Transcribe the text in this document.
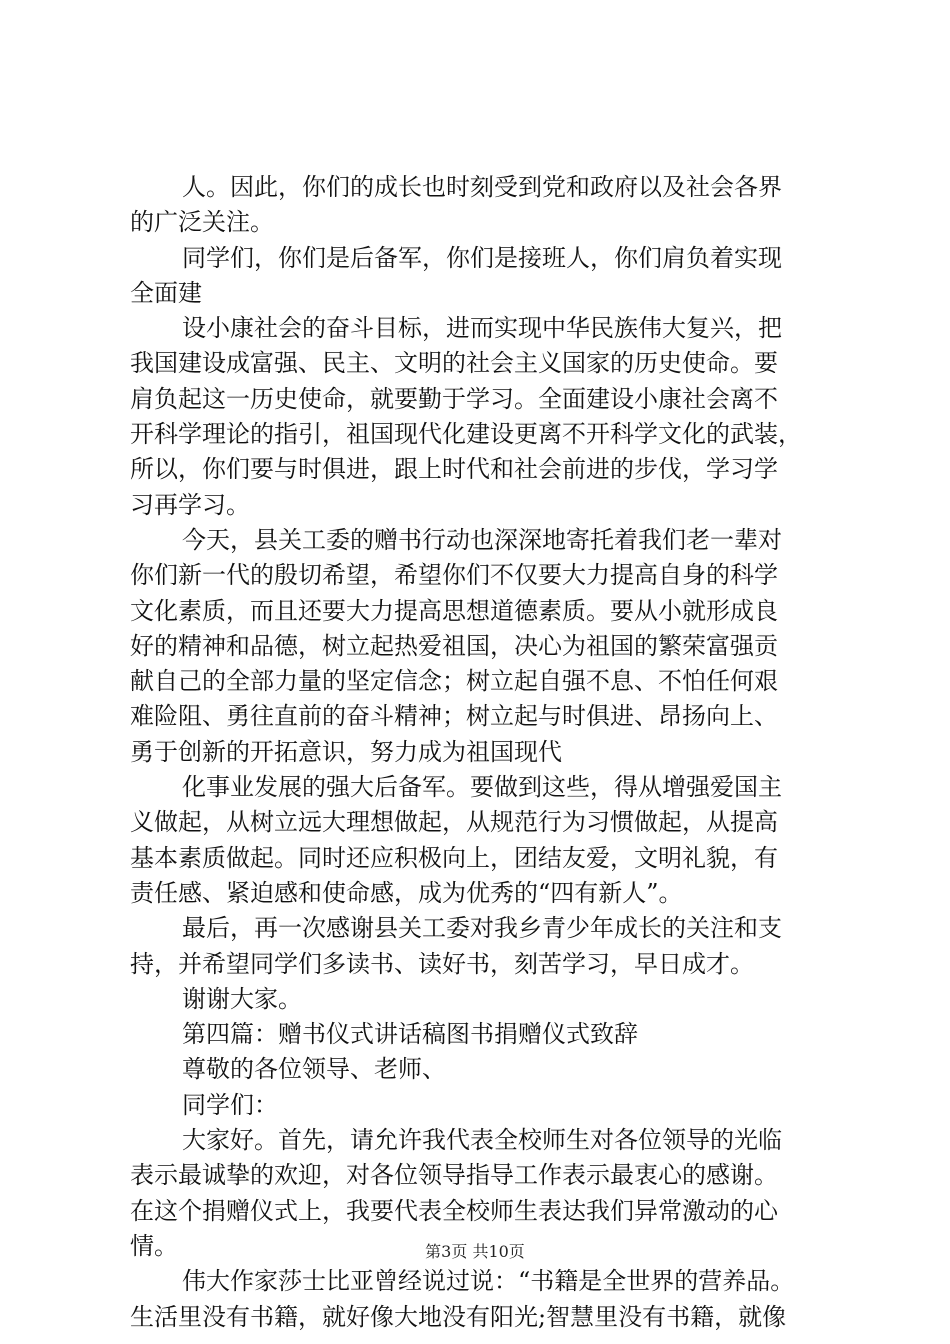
人。因此，你们的成长也时刻受到党和政府以及社会各界
的广泛关注。
同学们，你们是后备军，你们是接班人，你们肩负着实现
全面建
设小康社会的奋斗目标，进而实现中华民族伟大复兴，把
我国建设成富强、民主、文明的社会主义国家的历史使命。要
肩负起这一历史使命，就要勤于学习。全面建设小康社会离不
开科学理论的指引，祖国现代化建设更离不开科学文化的武装，
所以，你们要与时俱进，跟上时代和社会前进的步伐，学习学
习再学习。
今天，县关工委的赠书行动也深深地寄托着我们老一辈对
你们新一代的殷切希望，希望你们不仅要大力提高自身的科学
文化素质，而且还要大力提高思想道德素质。要从小就形成良
好的精神和品德，树立起热爱祖国，决心为祖国的繁荣富强贡
献自己的全部力量的坚定信念；树立起自强不息、不怕任何艰
难险阻、勇往直前的奋斗精神；树立起与时俱进、昂扬向上、
勇于创新的开拓意识，努力成为祖国现代
化事业发展的强大后备军。要做到这些，得从增强爱国主
义做起，从树立远大理想做起，从规范行为习惯做起，从提高
基本素质做起。同时还应积极向上，团结友爱，文明礼貌，有
责任感、紧迫感和使命感，成为优秀的“四有新人”。
最后，再一次感谢县关工委对我乡青少年成长的关注和支
持，并希望同学们多读书、读好书，刻苦学习，早日成才。
谢谢大家。
第四篇：赠书仪式讲话稿图书捐赠仪式致辞
尊敬的各位领导、老师、
同学们：
大家好。首先，请允许我代表全校师生对各位领导的光临
表示最诚挚的欢迎，对各位领导指导工作表示最衷心的感谢。
在这个捐赠仪式上，我要代表全校师生表达我们异常激动的心
情。
伟大作家莎士比亚曾经说过说：“书籍是全世界的营养品。
生活里没有书籍，就好像大地没有阳光;智慧里没有书籍，就像
第3页 共10页
